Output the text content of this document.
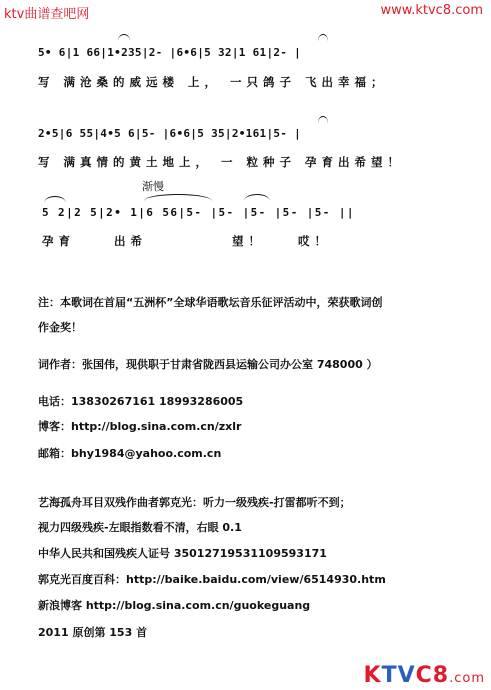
ktv曲谱查吧网	www.ktvc8.com
5• 6|1 66|1•235|2- |6•6|5 32|1 61|2- |
写 满沧桑的威远楼 上， 一只鸽子 飞出幸福；
2•5|6 55|4•5 6|5- |6•6|5 35|2•161|5- |
写 满真情的黄土地上， 一 粒种子 孕育出希望！
渐慢
5 2|2 5|2• 1|6 56|5- |5- |5- |5- |5- ||
孕育	出希	望！	哎！
注：本歌词在首届“五洲杯”全球华语歌坛音乐征评活动中，荣获歌词创
作金奖！
词作者：张国伟，现供职于甘肃省陇西县运输公司办公室 748000 ）
电话：13830267161 18993286005
博客：http://blog.sina.com.cn/zxlr
邮箱：bhy1984@yahoo.com.cn
艺海孤舟耳目双残作曲者郭克光：听力一级残疾-打雷都听不到；
视力四级残疾-左眼指数看不清，右眼 0.1
中华人民共和国残疾人证号 350127195311095931​71
郭克光百度百科：http://baike.baidu.com/view/6514930.htm
新浪博客 http://blog.sina.com.cn/guokeguang
2011 原创第 153 首
KTVC8.com
